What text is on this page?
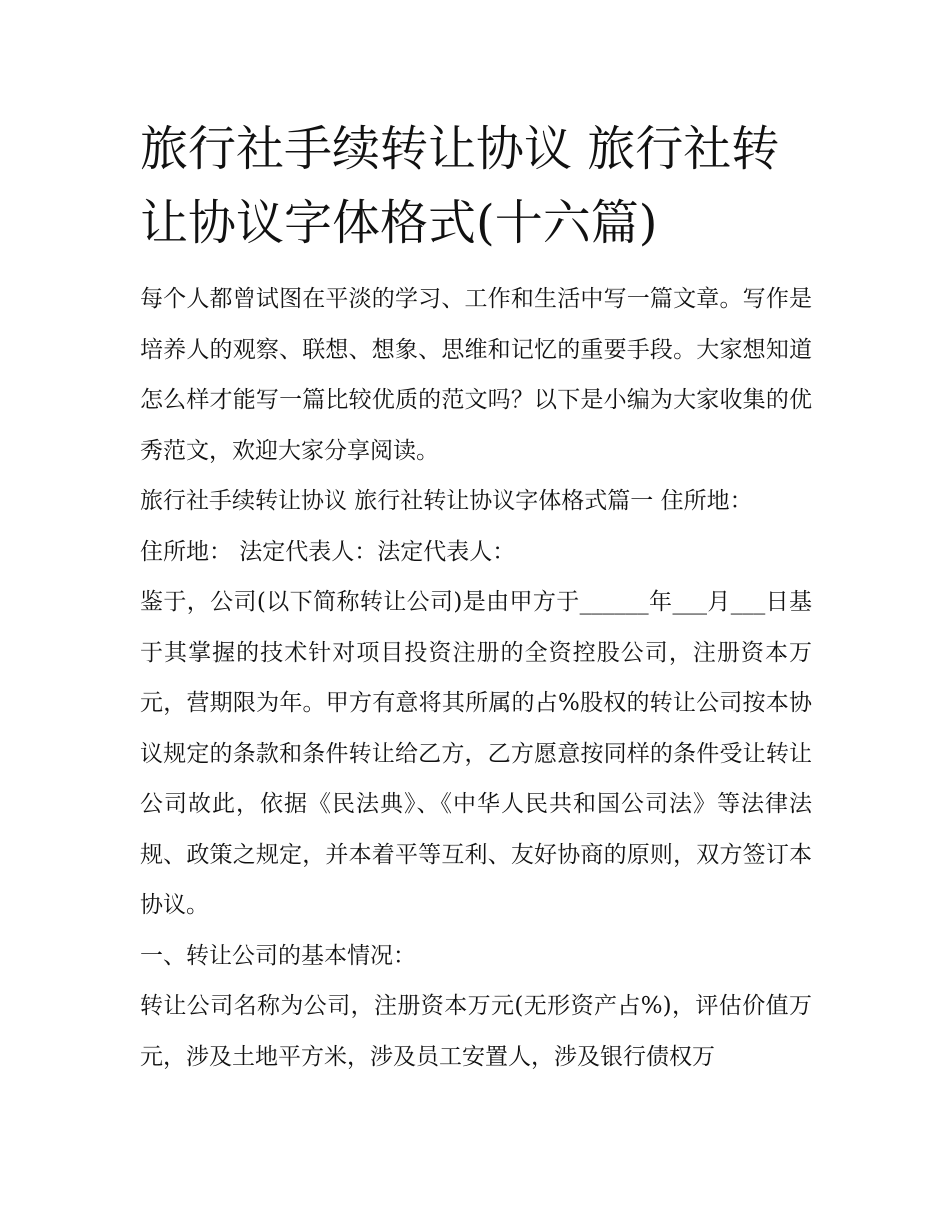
旅行社手续转让协议 旅行社转让协议字体格式(十六篇)

每个人都曾试图在平淡的学习、工作和生活中写一篇文章。写作是培养人的观察、联想、想象、思维和记忆的重要手段。大家想知道怎么样才能写一篇比较优质的范文吗？以下是小编为大家收集的优秀范文，欢迎大家分享阅读。

旅行社手续转让协议 旅行社转让协议字体格式篇一 住所地：

住所地： 法定代表人：法定代表人：

鉴于，公司(以下简称转让公司)是由甲方于______年___月___日基于其掌握的技术针对项目投资注册的全资控股公司，注册资本万元，营期限为年。甲方有意将其所属的占%股权的转让公司按本协议规定的条款和条件转让给乙方，乙方愿意按同样的条件受让转让公司故此，依据《民法典》、《中华人民共和国公司法》等法律法规、政策之规定，并本着平等互利、友好协商的原则，双方签订本协议。

一、转让公司的基本情况：

转让公司名称为公司，注册资本万元(无形资产占%)，评估价值万元，涉及土地平方米，涉及员工安置人，涉及银行债权万
